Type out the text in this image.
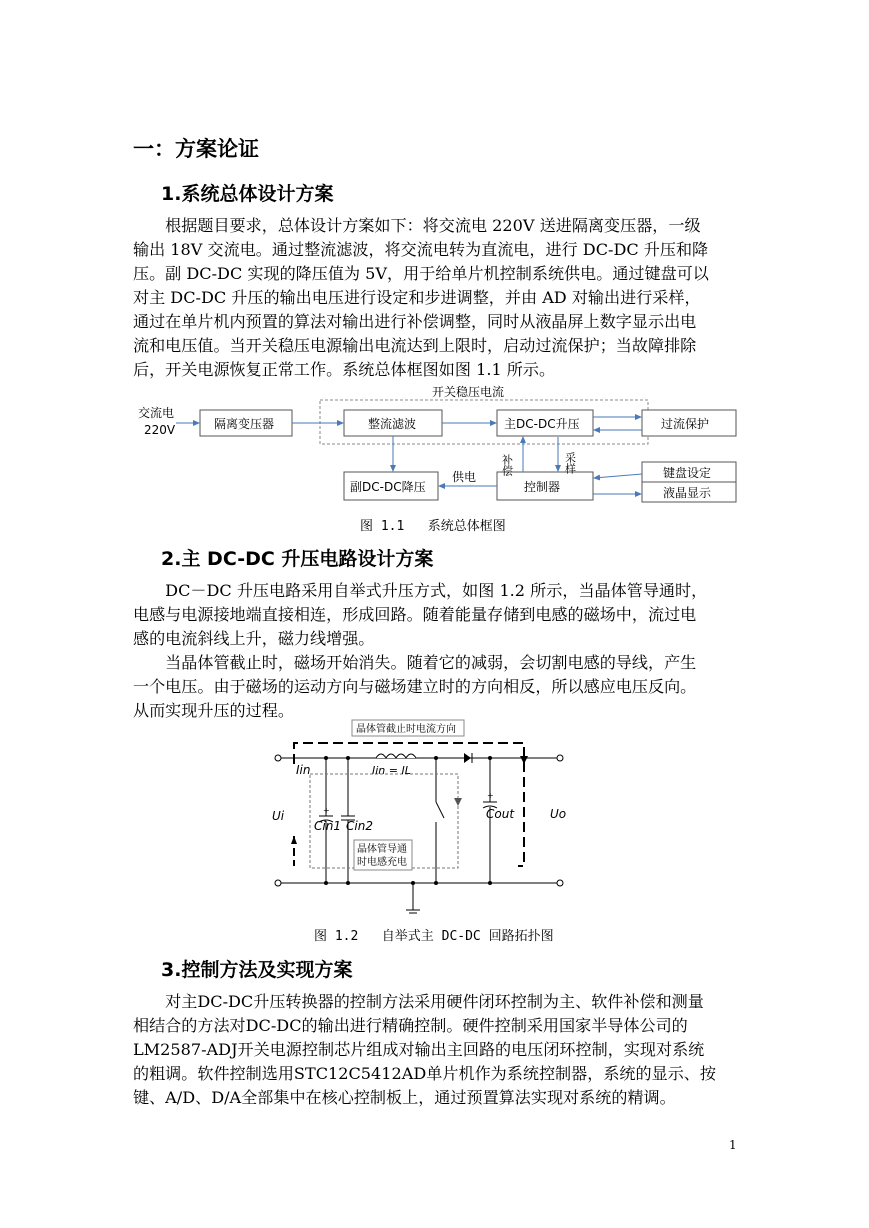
一：方案论证
1.系统总体设计方案
　　根据题目要求，总体设计方案如下：将交流电 220V 送进隔离变压器，一级
输出 18V 交流电。通过整流滤波，将交流电转为直流电，进行 DC-DC 升压和降
压。副 DC-DC 实现的降压值为 5V，用于给单片机控制系统供电。通过键盘可以
对主 DC-DC 升压的输出电压进行设定和步进调整，并由 AD 对输出进行采样，
通过在单片机内预置的算法对输出进行补偿调整，同时从液晶屏上数字显示出电
流和电压值。当开关稳压电源输出电流达到上限时，启动过流保护；当故障排除
后，开关电源恢复正常工作。系统总体框图如图 1.1 所示。
开关稳压电流
交流电
220V	隔离变压器	整流滤波	主DC-DC升压	过流保护
副DC-DC降压	控制器
键盘设定
液晶显示
供电
补偿	采样
图 1.1   系统总体框图
2.主 DC-DC 升压电路设计方案
　　DC－DC 升压电路采用自举式升压方式，如图 1.2 所示，当晶体管导通时，
电感与电源接地端直接相连，形成回路。随着能量存储到电感的磁场中，流过电
感的电流斜线上升，磁力线增强。
　　当晶体管截止时，磁场开始消失。随着它的减弱，会切割电感的导线，产生
一个电压。由于磁场的运动方向与磁场建立时的方向相反，所以感应电压反向。
从而实现升压的过程。
晶体管截止时电流方向
+
+
晶体管导通
时电感充电
Iin	Iin = IL
Ui	Uo
Cin1 Cin2
Cout
图 1.2   自举式主 DC-DC 回路拓扑图
3.控制方法及实现方案
　　对主DC-DC升压转换器的控制方法采用硬件闭环控制为主、软件补偿和测量
相结合的方法对DC-DC的输出进行精确控制。硬件控制采用国家半导体公司的
LM2587-ADJ开关电源控制芯片组成对输出主回路的电压闭环控制，实现对系统
的粗调。软件控制选用STC12C5412AD单片机作为系统控制器，系统的显示、按
键、A/D、D/A全部集中在核心控制板上，通过预置算法实现对系统的精调。
1
